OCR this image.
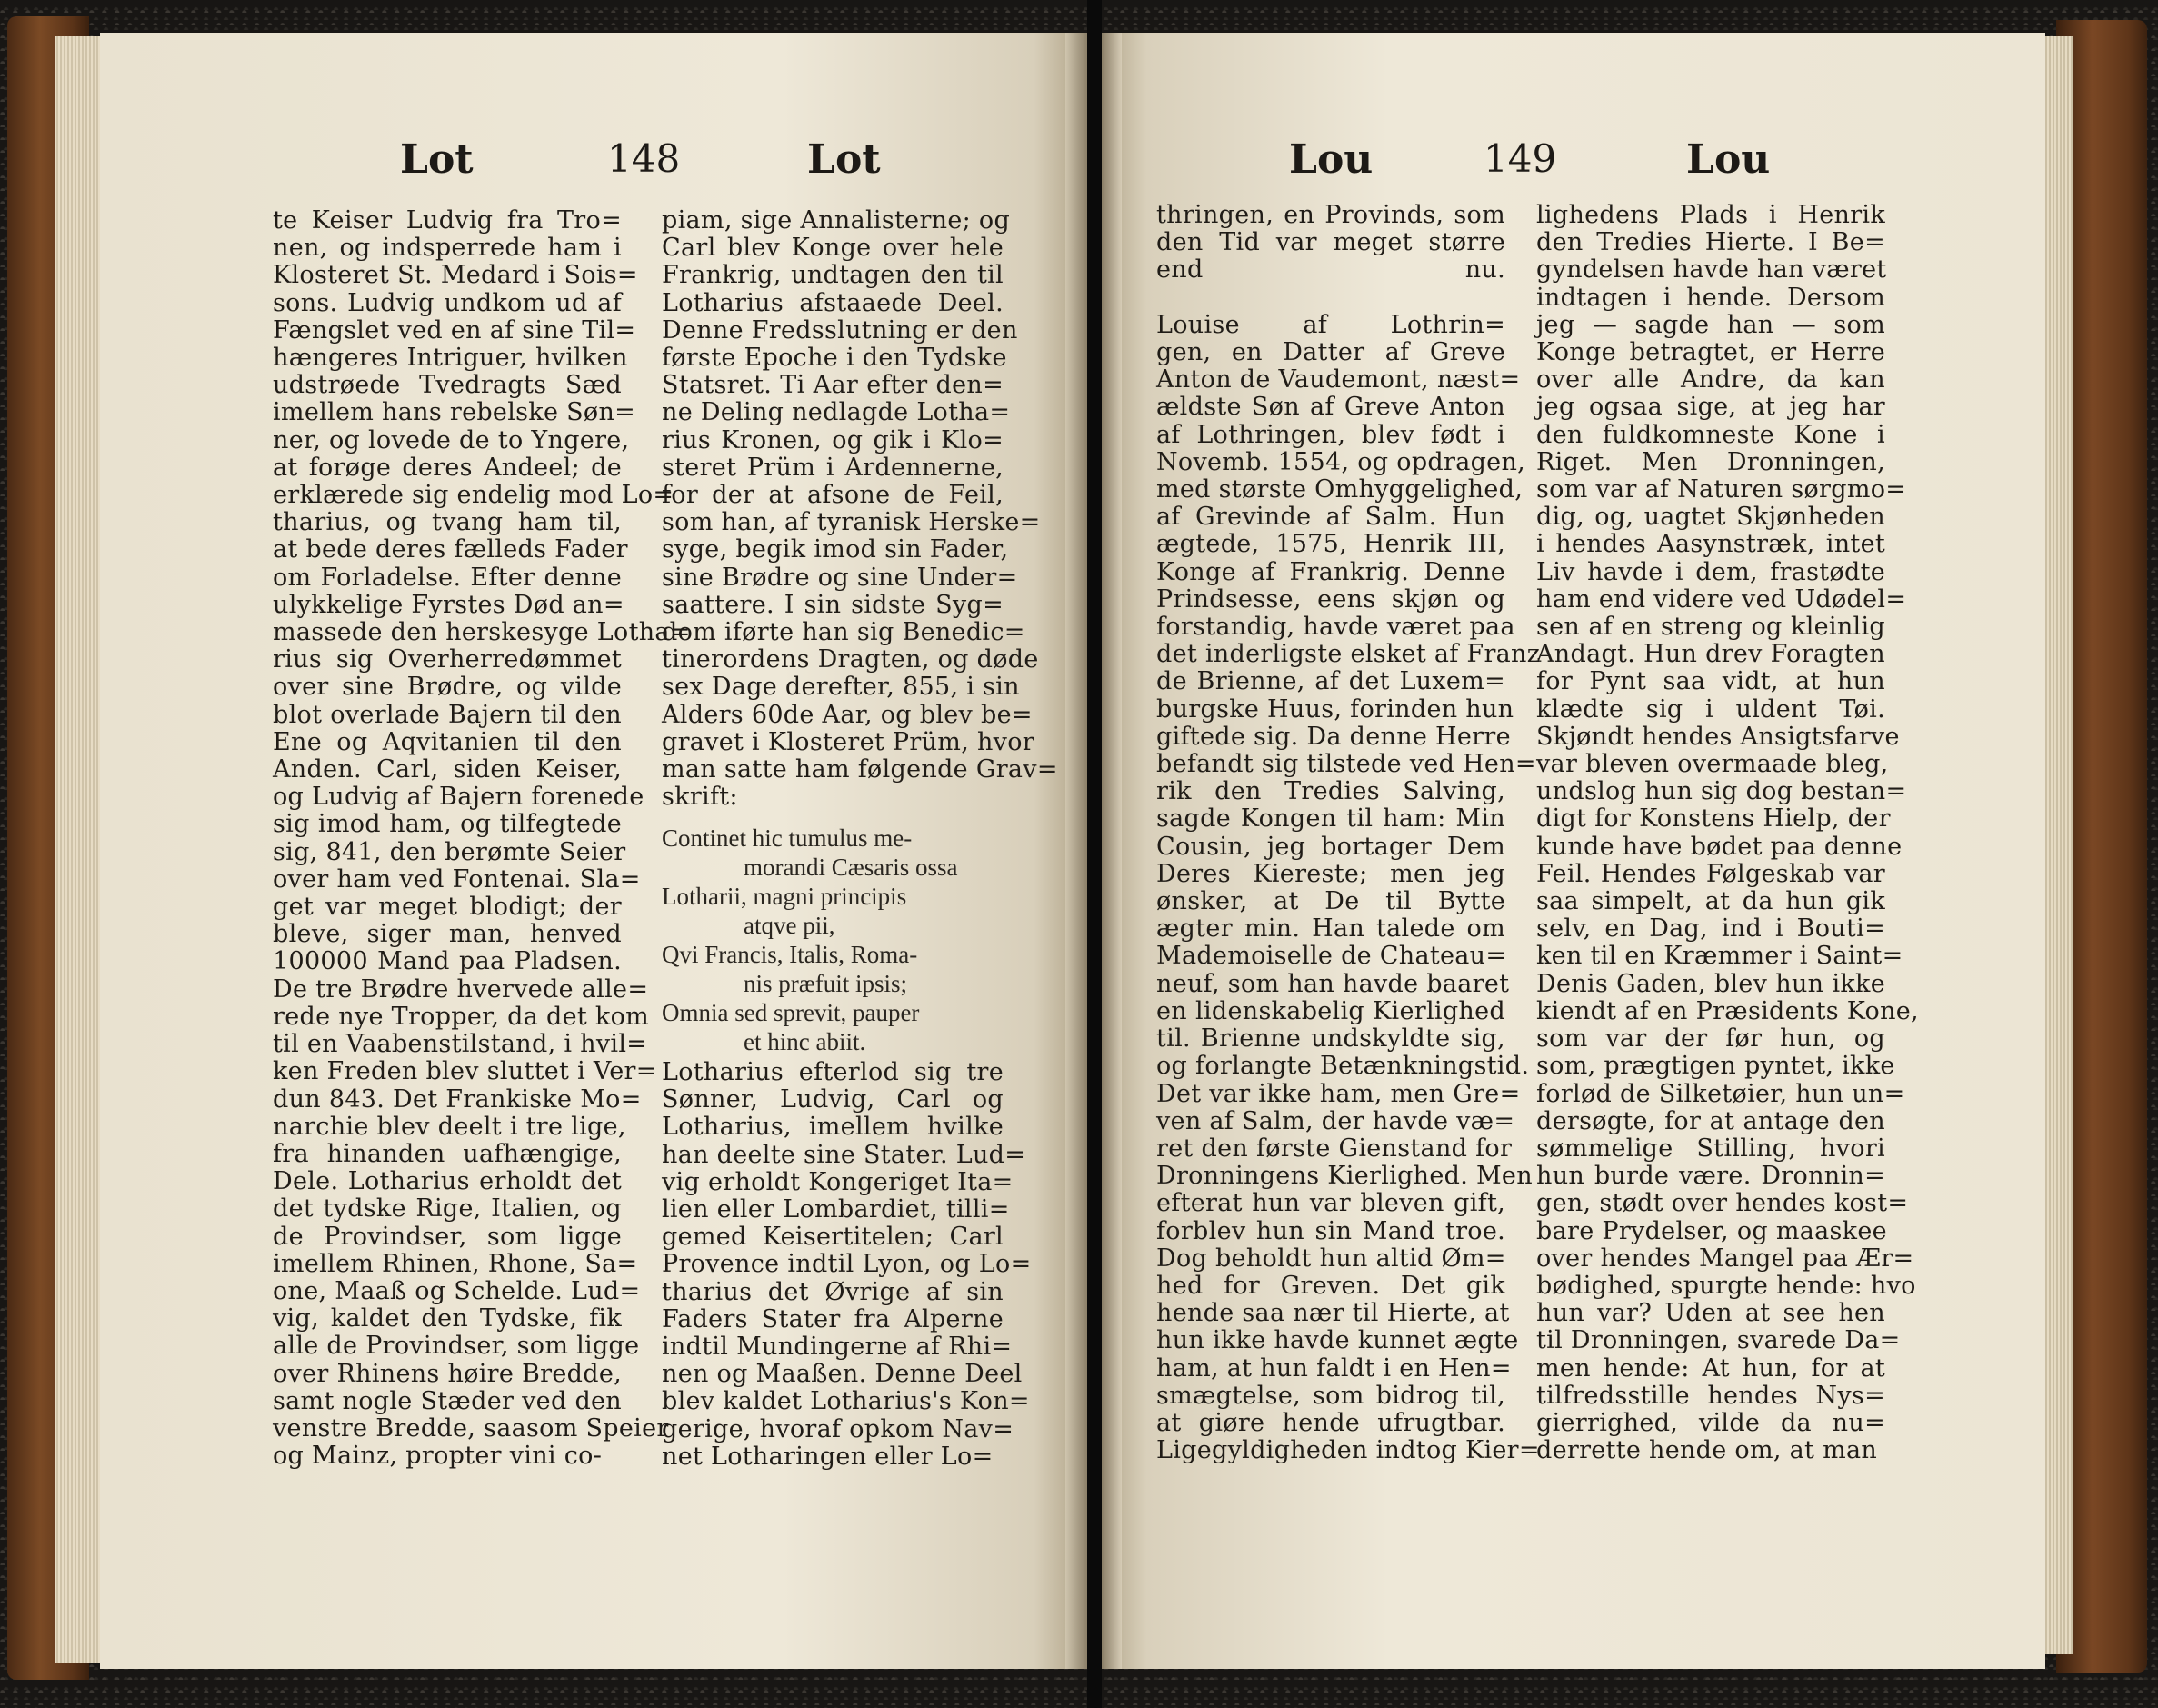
Lot	148	Lot
te Keiser Ludvig fra Tro=
nen, og indsperrede ham i
Klosteret St. Medard i Sois=
sons. Ludvig undkom ud af
Fængslet ved en af sine Til=
hængeres Intriguer, hvilken
udstrøede Tvedragts Sæd
imellem hans rebelske Søn=
ner, og lovede de to Yngere,
at forøge deres Andeel; de
erklærede sig endelig mod Lo=
tharius, og tvang ham til,
at bede deres fælleds Fader
om Forladelse. Efter denne
ulykkelige Fyrstes Død an=
massede den herskesyge Lotha=
rius sig Overherredømmet
over sine Brødre, og vilde
blot overlade Bajern til den
Ene og Aqvitanien til den
Anden. Carl, siden Keiser,
og Ludvig af Bajern forenede
sig imod ham, og tilfegtede
sig, 841, den berømte Seier
over ham ved Fontenai. Sla=
get var meget blodigt; der
bleve, siger man, henved
100000 Mand paa Pladsen.
De tre Brødre hvervede alle=
rede nye Tropper, da det kom
til en Vaabenstilstand, i hvil=
ken Freden blev sluttet i Ver=
dun 843. Det Frankiske Mo=
narchie blev deelt i tre lige,
fra hinanden uafhængige,
Dele. Lotharius erholdt det
det tydske Rige, Italien, og
de Provindser, som ligge
imellem Rhinen, Rhone, Sa=
one, Maaß og Schelde. Lud=
vig, kaldet den Tydske, fik
alle de Provindser, som ligge
over Rhinens høire Bredde,
samt nogle Stæder ved den
venstre Bredde, saasom Speier
og Mainz, propter vini co-
piam, sige Annalisterne; og
Carl blev Konge over hele
Frankrig, undtagen den til
Lotharius afstaaede Deel.
Denne Fredsslutning er den
første Epoche i den Tydske
Statsret. Ti Aar efter den=
ne Deling nedlagde Lotha=
rius Kronen, og gik i Klo=
steret Prüm i Ardennerne,
for der at afsone de Feil,
som han, af tyranisk Herske=
syge, begik imod sin Fader,
sine Brødre og sine Under=
saattere. I sin sidste Syg=
dom iførte han sig Benedic=
tinerordens Dragten, og døde
sex Dage derefter, 855, i sin
Alders 60de Aar, og blev be=
gravet i Klosteret Prüm, hvor
man satte ham følgende Grav=
skrift:
Continet hic tumulus me-
morandi Cæsaris ossa
Lotharii, magni principis
atqve pii,
Qvi Francis, Italis, Roma-
nis præfuit ipsis;
Omnia sed sprevit, pauper
et hinc abiit.
Lotharius efterlod sig tre
Sønner, Ludvig, Carl og
Lotharius, imellem hvilke
han deelte sine Stater. Lud=
vig erholdt Kongeriget Ita=
lien eller Lombardiet, tilli=
gemed Keisertitelen; Carl
Provence indtil Lyon, og Lo=
tharius det Øvrige af sin
Faders Stater fra Alperne
indtil Mundingerne af Rhi=
nen og Maaßen. Denne Deel
blev kaldet Lotharius's Kon=
gerige, hvoraf opkom Nav=
net Lotharingen eller Lo=
Lou	149	Lou
thringen, en Provinds, som
den Tid var meget større
end nu.

Louise af Lothrin=
gen, en Datter af Greve
Anton de Vaudemont, næst=
ældste Søn af Greve Anton
af Lothringen, blev født i
Novemb. 1554, og opdragen,
med største Omhyggelighed,
af Grevinde af Salm. Hun
ægtede, 1575, Henrik III,
Konge af Frankrig. Denne
Prindsesse, eens skjøn og
forstandig, havde været paa
det inderligste elsket af Franz
de Brienne, af det Luxem=
burgske Huus, forinden hun
giftede sig. Da denne Herre
befandt sig tilstede ved Hen=
rik den Tredies Salving,
sagde Kongen til ham: Min
Cousin, jeg bortager Dem
Deres Kiereste; men jeg
ønsker, at De til Bytte
ægter min. Han talede om
Mademoiselle de Chateau=
neuf, som han havde baaret
en lidenskabelig Kierlighed
til. Brienne undskyldte sig,
og forlangte Betænkningstid.
Det var ikke ham, men Gre=
ven af Salm, der havde væ=
ret den første Gienstand for
Dronningens Kierlighed. Men
efterat hun var bleven gift,
forblev hun sin Mand troe.
Dog beholdt hun altid Øm=
hed for Greven. Det gik
hende saa nær til Hierte, at
hun ikke havde kunnet ægte
ham, at hun faldt i en Hen=
smægtelse, som bidrog til,
at giøre hende ufrugtbar.
Ligegyldigheden indtog Kier=
lighedens Plads i Henrik
den Tredies Hierte. I Be=
gyndelsen havde han været
indtagen i hende. Dersom
jeg — sagde han — som
Konge betragtet, er Herre
over alle Andre, da kan
jeg ogsaa sige, at jeg har
den fuldkomneste Kone i
Riget. Men Dronningen,
som var af Naturen sørgmo=
dig, og, uagtet Skjønheden
i hendes Aasynstræk, intet
Liv havde i dem, frastødte
ham end videre ved Udødel=
sen af en streng og kleinlig
Andagt. Hun drev Foragten
for Pynt saa vidt, at hun
klædte sig i uldent Tøi.
Skjøndt hendes Ansigtsfarve
var bleven overmaade bleg,
undslog hun sig dog bestan=
digt for Konstens Hielp, der
kunde have bødet paa denne
Feil. Hendes Følgeskab var
saa simpelt, at da hun gik
selv, en Dag, ind i Bouti=
ken til en Kræmmer i Saint=
Denis Gaden, blev hun ikke
kiendt af en Præsidents Kone,
som var der før hun, og
som, prægtigen pyntet, ikke
forlød de Silketøier, hun un=
dersøgte, for at antage den
sømmelige Stilling, hvori
hun burde være. Dronnin=
gen, stødt over hendes kost=
bare Prydelser, og maaskee
over hendes Mangel paa Ær=
bødighed, spurgte hende: hvo
hun var? Uden at see hen
til Dronningen, svarede Da=
men hende: At hun, for at
tilfredsstille hendes Nys=
gierrighed, vilde da nu=
derrette hende om, at man
